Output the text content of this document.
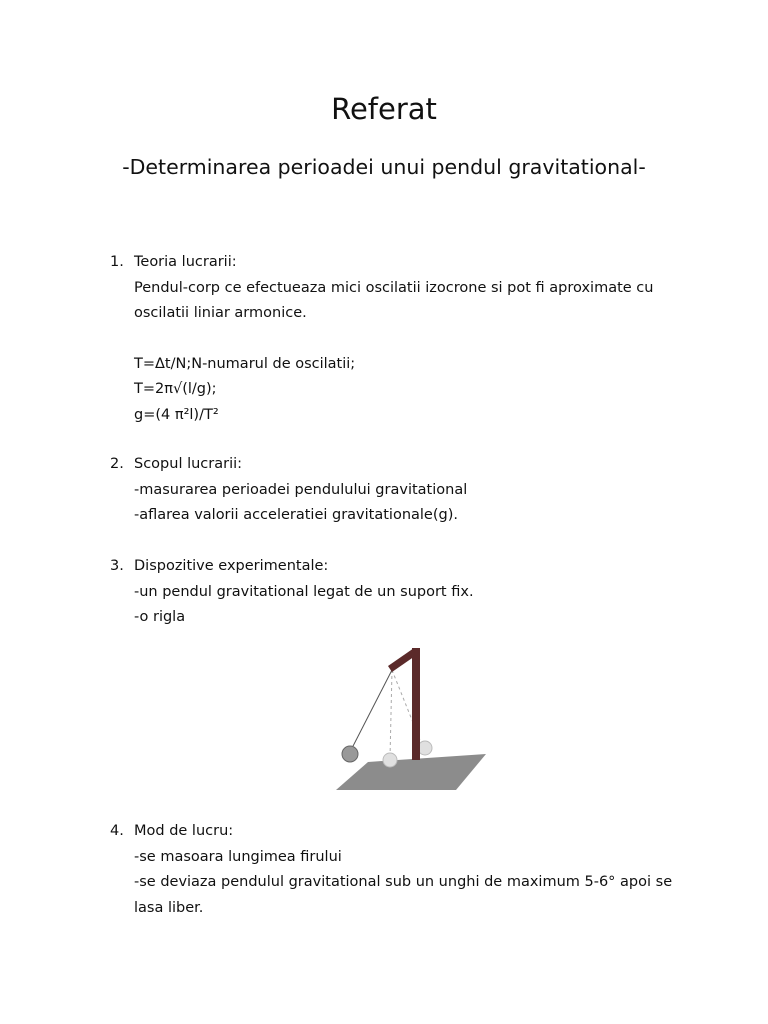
Referat
-Determinarea perioadei unui pendul gravitational-
1. Teoria lucrarii:
Pendul-corp ce efectueaza mici oscilatii izocrone si pot fi aproximate cu
oscilatii liniar armonice.
T=Δt/N;N-numarul de oscilatii;
T=2π√(l/g);
g=(4 π²l)/T²
2. Scopul lucrarii:
-masurarea perioadei pendulului gravitational
-aflarea valorii acceleratiei gravitationale(g).
3. Dispozitive experimentale:
-un pendul gravitational legat de un suport fix.
-o rigla
4. Mod de lucru:
-se masoara lungimea firului
-se deviaza pendulul gravitational sub un unghi de maximum 5-6° apoi se
lasa liber.
